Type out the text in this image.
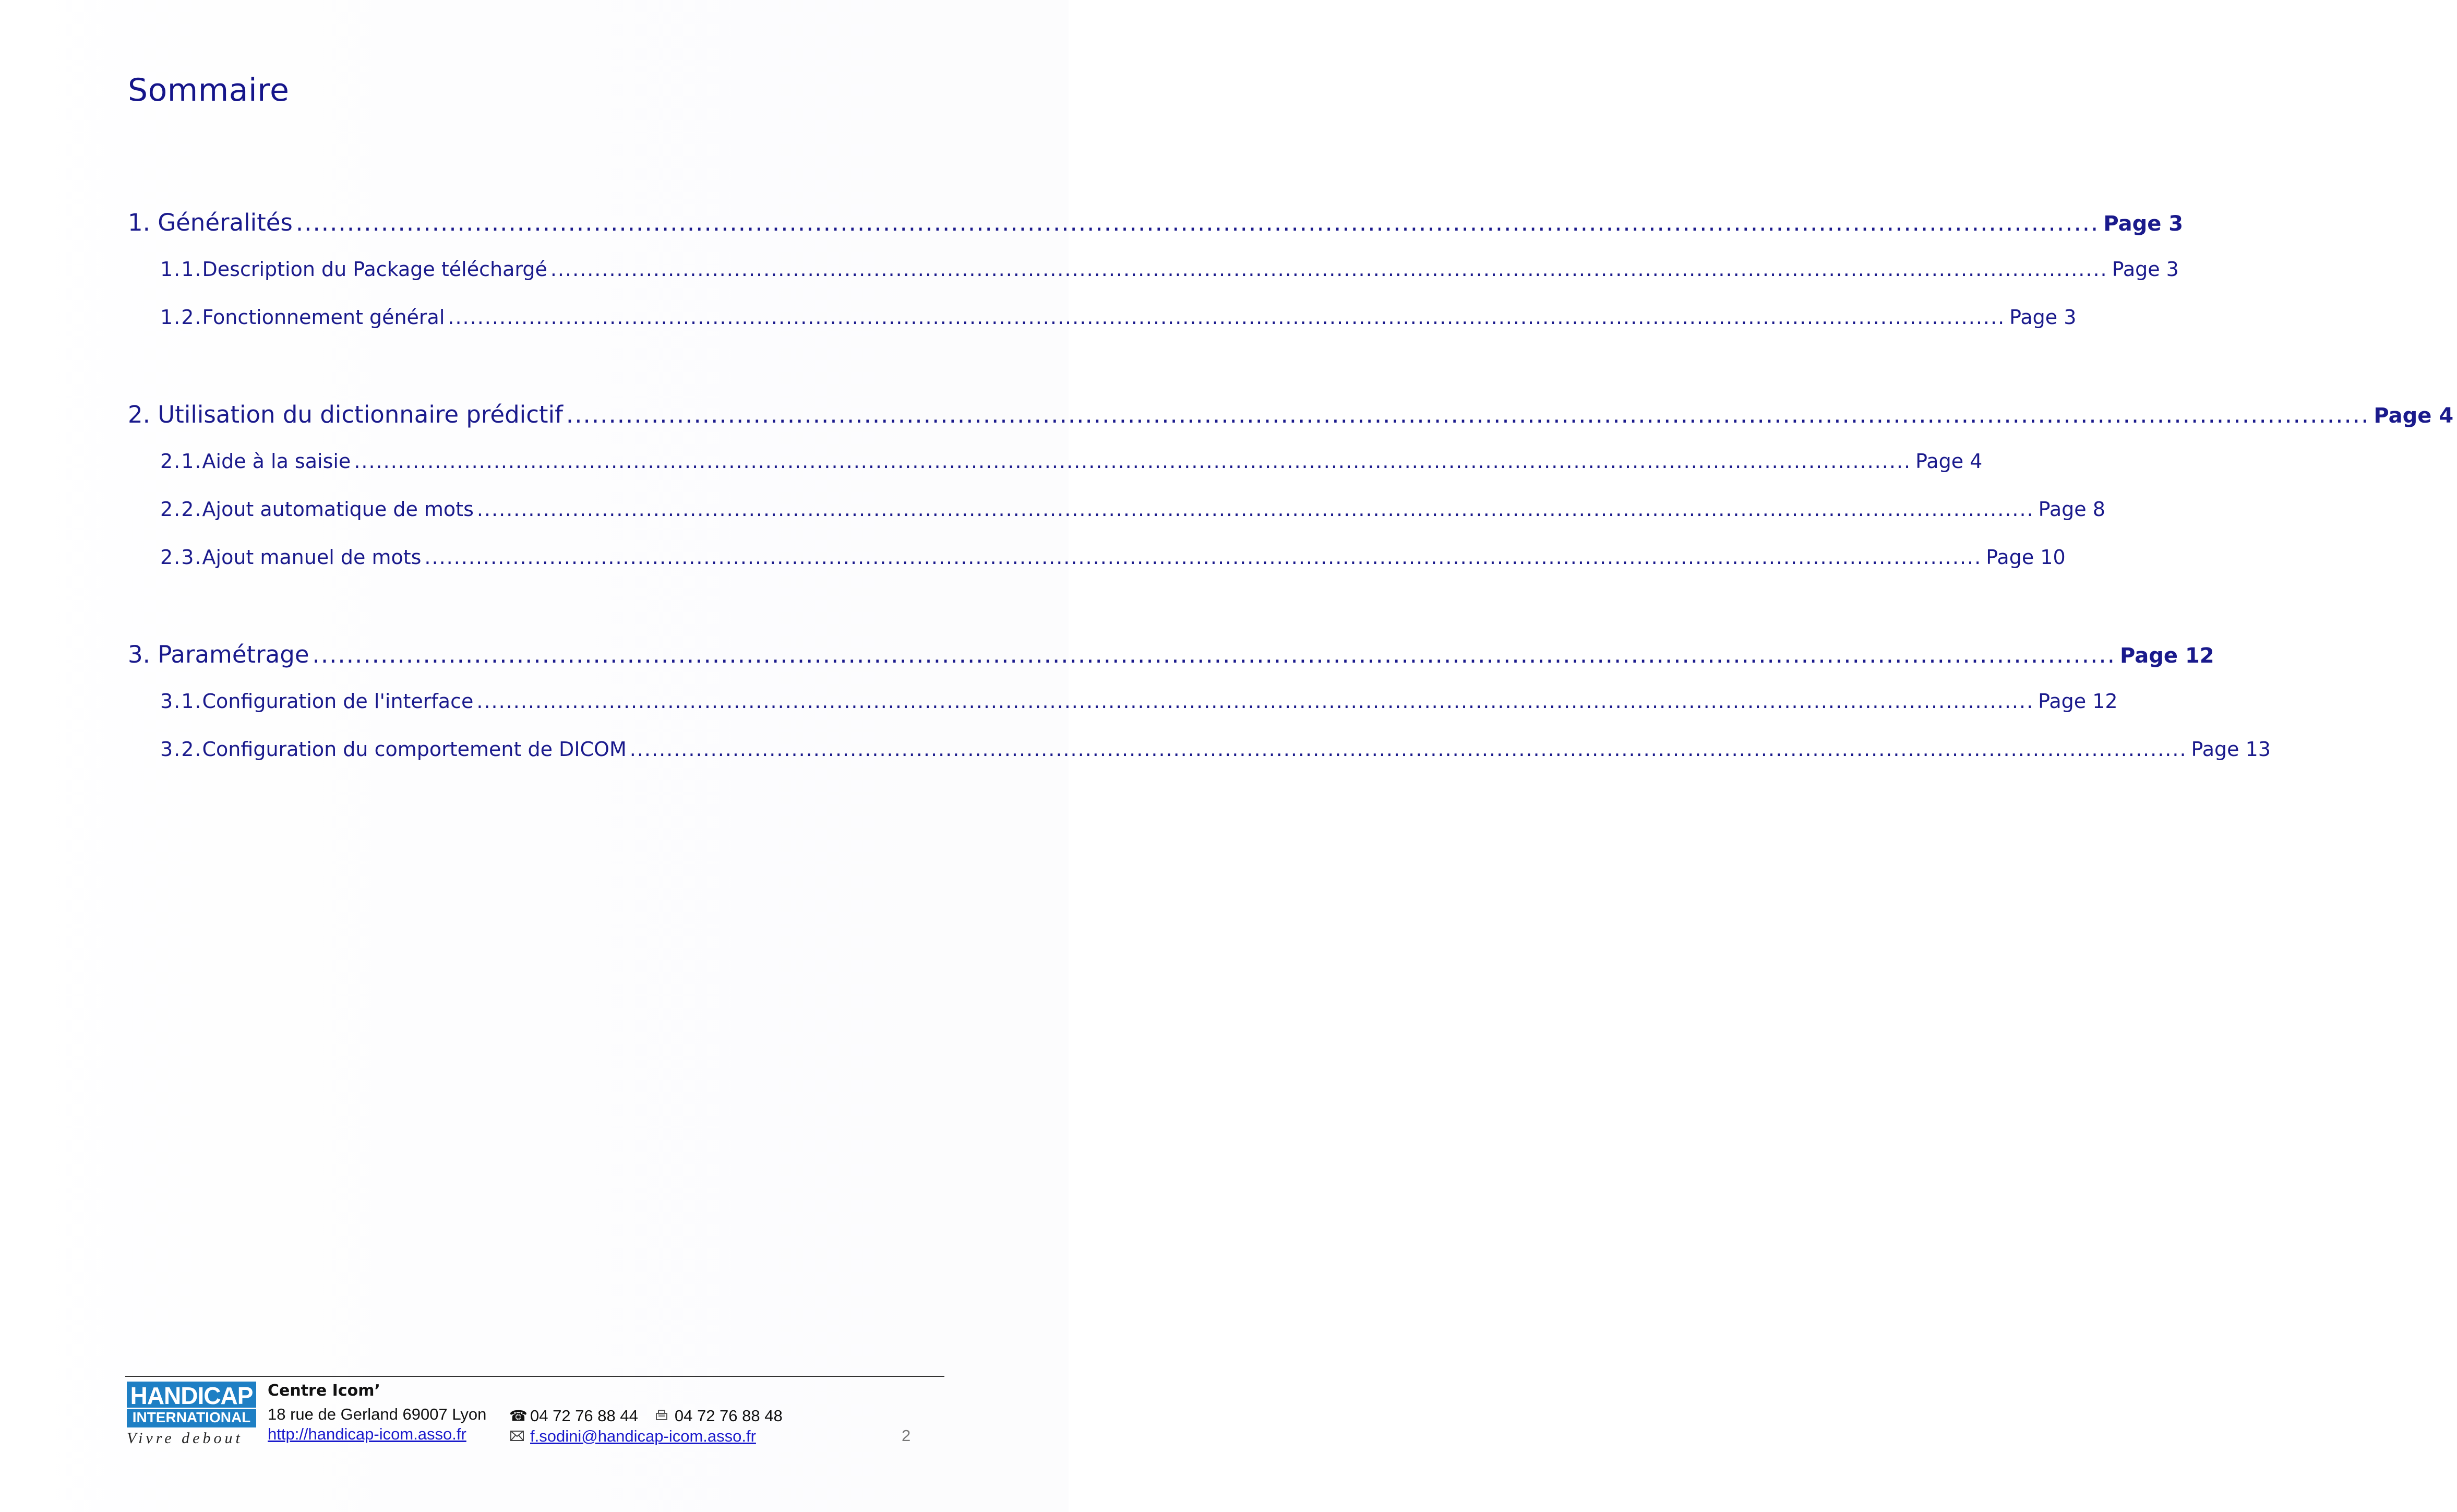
Sommaire
1. Généralités .....	Page 3
1.1. Description du Package téléchargé .....	Page 3
1.2. Fonctionnement général .....	Page 3
2. Utilisation du dictionnaire prédictif .....	Page 4
2.1. Aide à la saisie .....	Page 4
2.2. Ajout automatique de mots .....	Page 8
2.3. Ajout manuel de mots .....	Page 10
3. Paramétrage .....	Page 12
3.1. Configuration de l'interface .....	Page 12
3.2. Configuration du comportement de DICOM .....	Page 13
HANDICAP
INTERNATIONAL
Vivre debout
Centre Icom’
18 rue de Gerland 69007 Lyon
http://handicap-icom.asso.fr
☎ 04 72 76 88 44 04 72 76 88 48
f.sodini@handicap-icom.asso.fr	2
